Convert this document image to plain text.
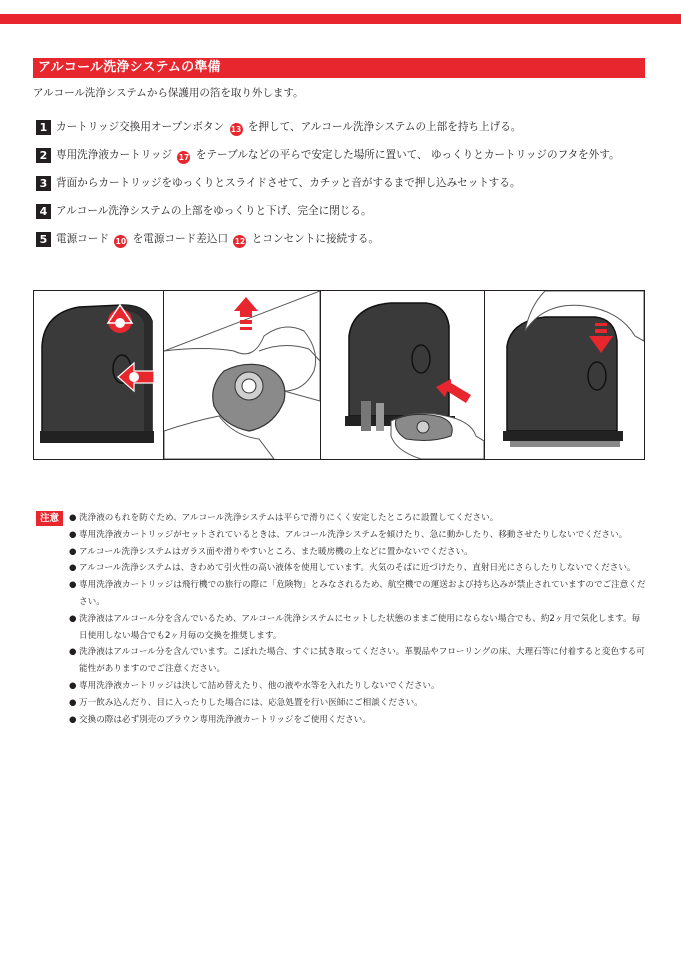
アルコール洗浄システムの準備
アルコール洗浄システムから保護用の箔を取り外します。
1 カートリッジ交換用オープンボタン 13 を押して、アルコール洗浄システムの上部を持ち上げる。
2 専用洗浄液カートリッジ 17 をテーブルなどの平らで安定した場所に置いて、 ゆっくりとカートリッジのフタを外す。
3 背面からカートリッジをゆっくりとスライドさせて、カチッと音がするまで押し込みセットする。
4 アルコール洗浄システムの上部をゆっくりと下げ、完全に閉じる。
5 電源コード 10 を電源コード差込口 12 とコンセントに接続する。
注意	● 洗浄液のもれを防ぐため、アルコール洗浄システムは平らで滑りにくく安定したところに設置してください。
● 専用洗浄液カートリッジがセットされているときは、アルコール洗浄システムを傾けたり、急に動かしたり、移動させたりしないでください。
● アルコール洗浄システムはガラス面や滑りやすいところ、また暖房機の上などに置かないでください。
● アルコール洗浄システムは、きわめて引火性の高い液体を使用しています。火気のそばに近づけたり、直射日光にさらしたりしないでください。
● 専用洗浄液カートリッジは飛行機での旅行の際に「危険物」とみなされるため、航空機での運送および持ち込みが禁止されていますのでご注意ください。
● 洗浄液はアルコール分を含んでいるため、アルコール洗浄システムにセットした状態のままご使用にならない場合でも、約2ヶ月で気化します。毎日使用しない場合でも2ヶ月毎の交換を推奨します。
● 洗浄液はアルコール分を含んでいます。こぼれた場合、すぐに拭き取ってください。革製品やフローリングの床、大理石等に付着すると変色する可能性がありますのでご注意ください。
● 専用洗浄液カートリッジは決して詰め替えたり、他の液や水等を入れたりしないでください。
● 万一飲み込んだり、目に入ったりした場合には、応急処置を行い医師にご相談ください。
● 交換の際は必ず別売のブラウン専用洗浄液カートリッジをご使用ください。
